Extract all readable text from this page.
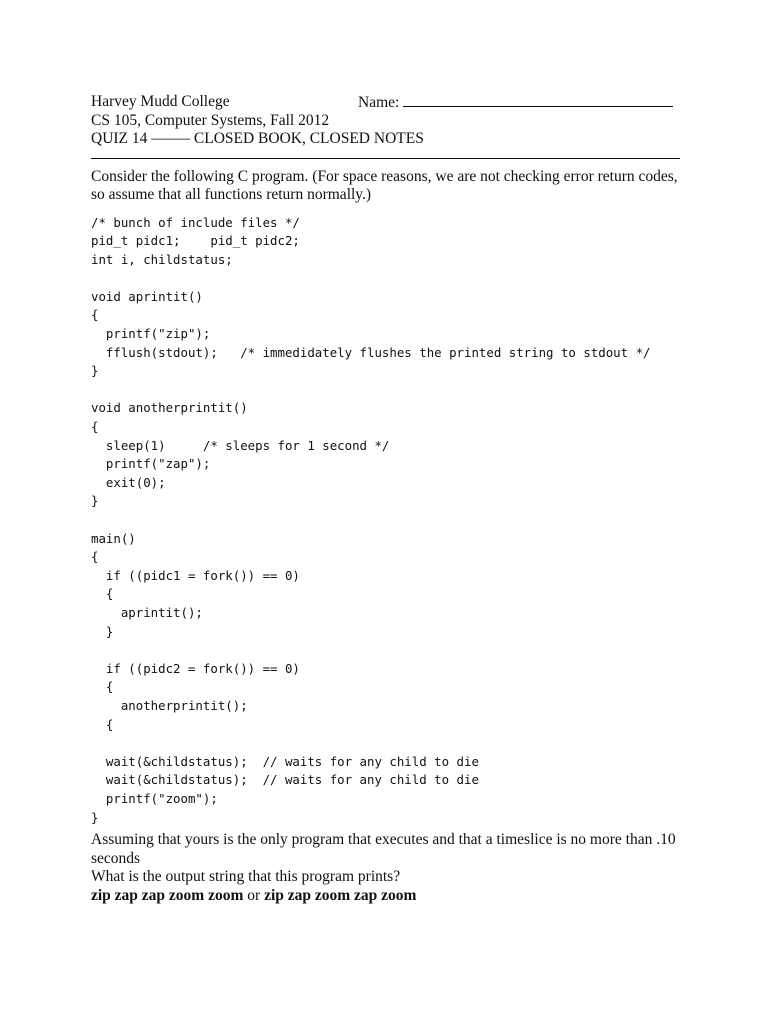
Harvey Mudd College	Name:
CS 105, Computer Systems, Fall 2012
QUIZ 14 ——– CLOSED BOOK, CLOSED NOTES

Consider the following C program. (For space reasons, we are not checking error return codes, so assume that all functions return normally.)

/* bunch of include files */
pid_t pidc1;    pid_t pidc2;
int i, childstatus;
void aprintit()
{
printf("zip");
fflush(stdout);   /* immedidately flushes the printed string to stdout */
}
void anotherprintit()
{
sleep(1)     /* sleeps for 1 second */
printf("zap");
exit(0);
}
main()
{
if ((pidc1 = fork()) == 0)
{
aprintit();
}
if ((pidc2 = fork()) == 0)
{
anotherprintit();
{
wait(&childstatus);  // waits for any child to die
wait(&childstatus);  // waits for any child to die
printf("zoom");
}

Assuming that yours is the only program that executes and that a timeslice is no more than .10 seconds

What is the output string that this program prints?

zip zap zap zoom zoom or zip zap zoom zap zoom
